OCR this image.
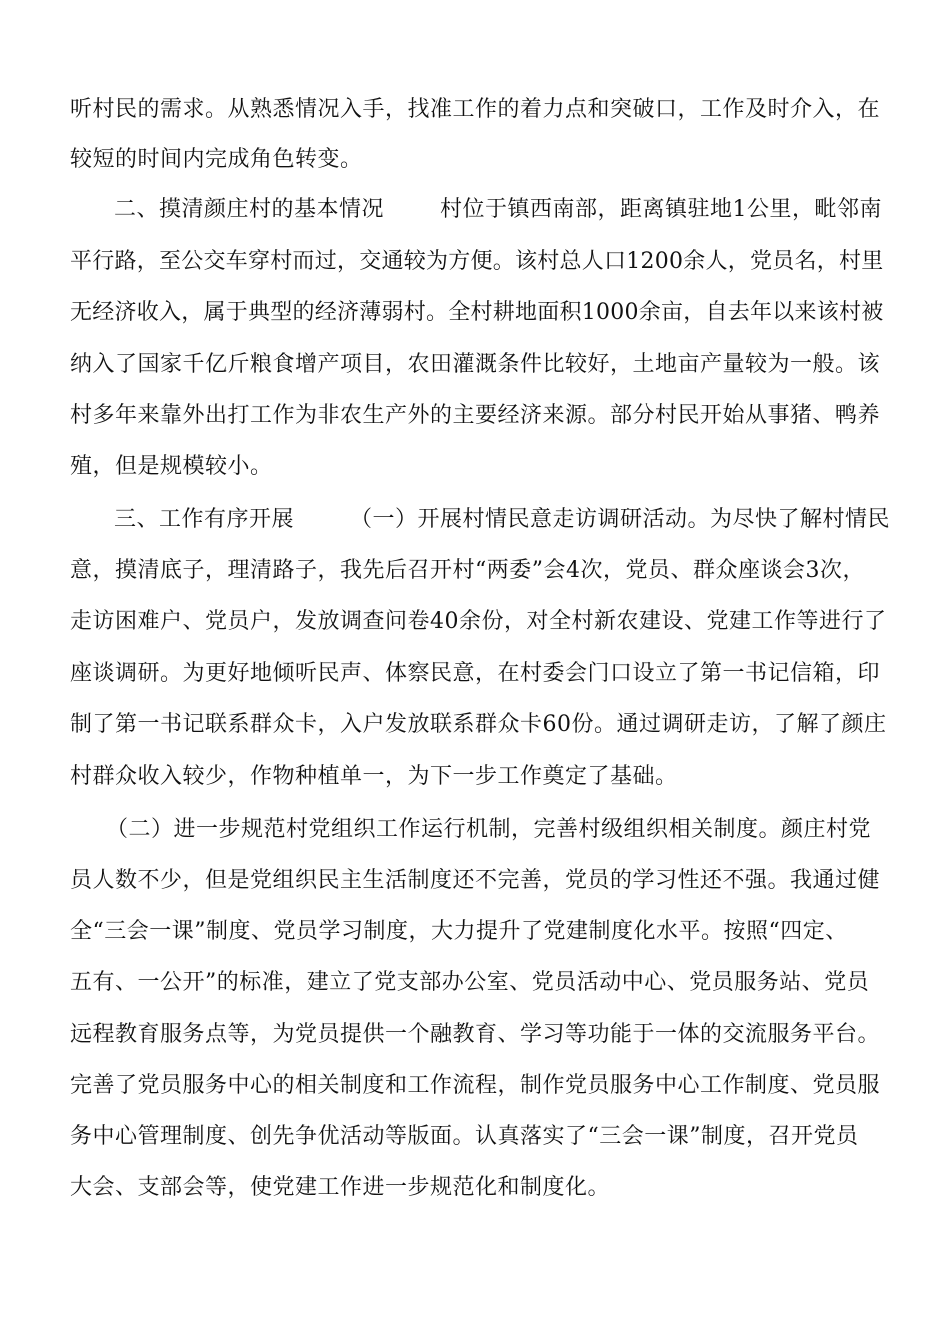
听村民的需求。从熟悉情况入手，找准工作的着力点和突破口，工作及时介入，在
较短的时间内完成角色转变。
二、摸清颜庄村的基本情况	村位于镇西南部，距离镇驻地1公里，毗邻南
平行路，至公交车穿村而过，交通较为方便。该村总人口1200余人，党员名，村里
无经济收入，属于典型的经济薄弱村。全村耕地面积1000余亩，自去年以来该村被
纳入了国家千亿斤粮食增产项目，农田灌溉条件比较好，土地亩产量较为一般。该
村多年来靠外出打工作为非农生产外的主要经济来源。部分村民开始从事猪、鸭养
殖，但是规模较小。
三、工作有序开展	（一）开展村情民意走访调研活动。为尽快了解村情民
意，摸清底子，理清路子，我先后召开村“两委”会4次，党员、群众座谈会3次，
走访困难户、党员户，发放调查问卷40余份，对全村新农建设、党建工作等进行了
座谈调研。为更好地倾听民声、体察民意，在村委会门口设立了第一书记信箱，印
制了第一书记联系群众卡，入户发放联系群众卡60份。通过调研走访，了解了颜庄
村群众收入较少，作物种植单一，为下一步工作奠定了基础。
（二）进一步规范村党组织工作运行机制，完善村级组织相关制度。颜庄村党
员人数不少，但是党组织民主生活制度还不完善，党员的学习性还不强。我通过健
全“三会一课”制度、党员学习制度，大力提升了党建制度化水平。按照“四定、
五有、一公开”的标准，建立了党支部办公室、党员活动中心、党员服务站、党员
远程教育服务点等，为党员提供一个融教育、学习等功能于一体的交流服务平台。
完善了党员服务中心的相关制度和工作流程，制作党员服务中心工作制度、党员服
务中心管理制度、创先争优活动等版面。认真落实了“三会一课”制度，召开党员
大会、支部会等，使党建工作进一步规范化和制度化。
